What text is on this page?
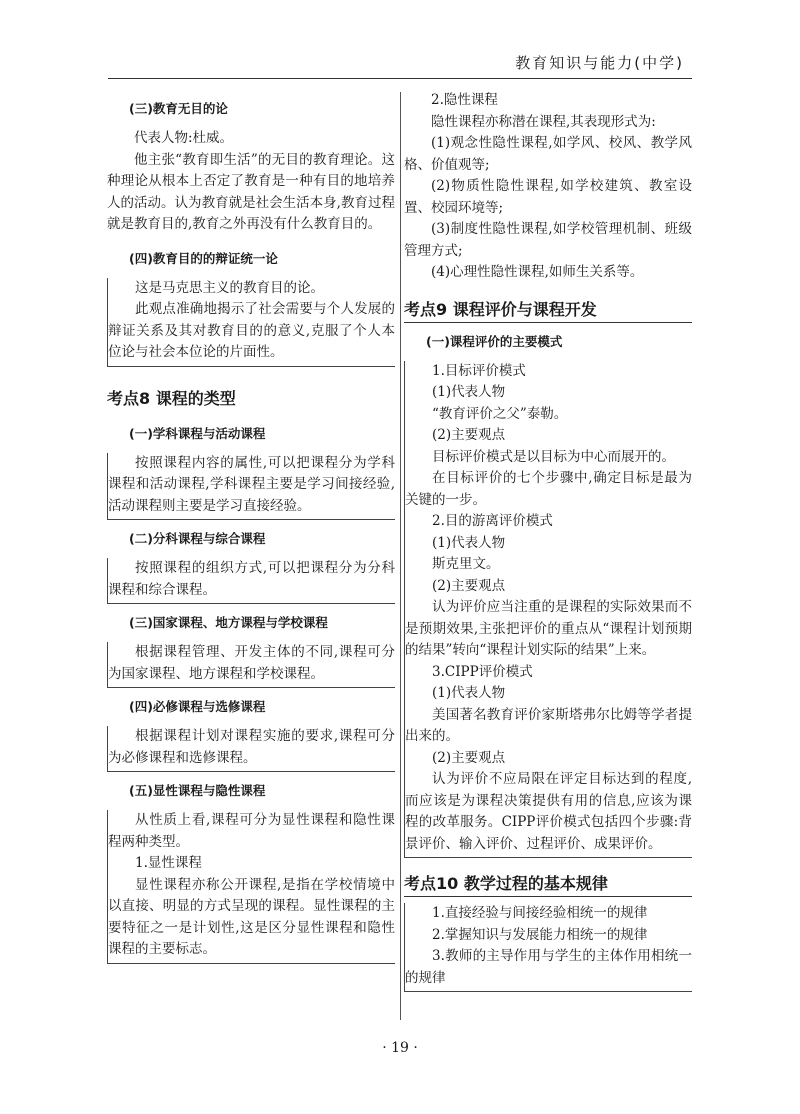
教育知识与能力(中学)
(三)教育无目的论

代表人物:杜威。

他主张“教育即生活”的无目的教育理论。这种理论从根本上否定了教育是一种有目的地培养人的活动。认为教育就是社会生活本身,教育过程就是教育目的,教育之外再没有什么教育目的。

(四)教育目的的辩证统一论

这是马克思主义的教育目的论。

此观点准确地揭示了社会需要与个人发展的辩证关系及其对教育目的的意义,克服了个人本位论与社会本位论的片面性。

考点8 课程的类型
(一)学科课程与活动课程

按照课程内容的属性,可以把课程分为学科课程和活动课程,学科课程主要是学习间接经验,活动课程则主要是学习直接经验。

(二)分科课程与综合课程

按照课程的组织方式,可以把课程分为分科课程和综合课程。

(三)国家课程、地方课程与学校课程

根据课程管理、开发主体的不同,课程可分为国家课程、地方课程和学校课程。

(四)必修课程与选修课程

根据课程计划对课程实施的要求,课程可分为必修课程和选修课程。

(五)显性课程与隐性课程

从性质上看,课程可分为显性课程和隐性课程两种类型。

1.显性课程

显性课程亦称公开课程,是指在学校情境中以直接、明显的方式呈现的课程。显性课程的主要特征之一是计划性,这是区分显性课程和隐性课程的主要标志。

2.隐性课程

隐性课程亦称潜在课程,其表现形式为:

(1)观念性隐性课程,如学风、校风、教学风格、价值观等;

(2)物质性隐性课程,如学校建筑、教室设置、校园环境等;

(3)制度性隐性课程,如学校管理机制、班级管理方式;

(4)心理性隐性课程,如师生关系等。

考点9 课程评价与课程开发
(一)课程评价的主要模式

1.目标评价模式

(1)代表人物

“教育评价之父”泰勒。

(2)主要观点

目标评价模式是以目标为中心而展开的。

在目标评价的七个步骤中,确定目标是最为关键的一步。

2.目的游离评价模式

(1)代表人物

斯克里文。

(2)主要观点

认为评价应当注重的是课程的实际效果而不是预期效果,主张把评价的重点从“课程计划预期的结果”转向“课程计划实际的结果”上来。

3.CIPP评价模式

(1)代表人物

美国著名教育评价家斯塔弗尔比姆等学者提出来的。

(2)主要观点

认为评价不应局限在评定目标达到的程度,而应该是为课程决策提供有用的信息,应该为课程的改革服务。CIPP评价模式包括四个步骤:背景评价、输入评价、过程评价、成果评价。

考点10 教学过程的基本规律

1.直接经验与间接经验相统一的规律

2.掌握知识与发展能力相统一的规律

3.教师的主导作用与学生的主体作用相统一的规律

· 19 ·
